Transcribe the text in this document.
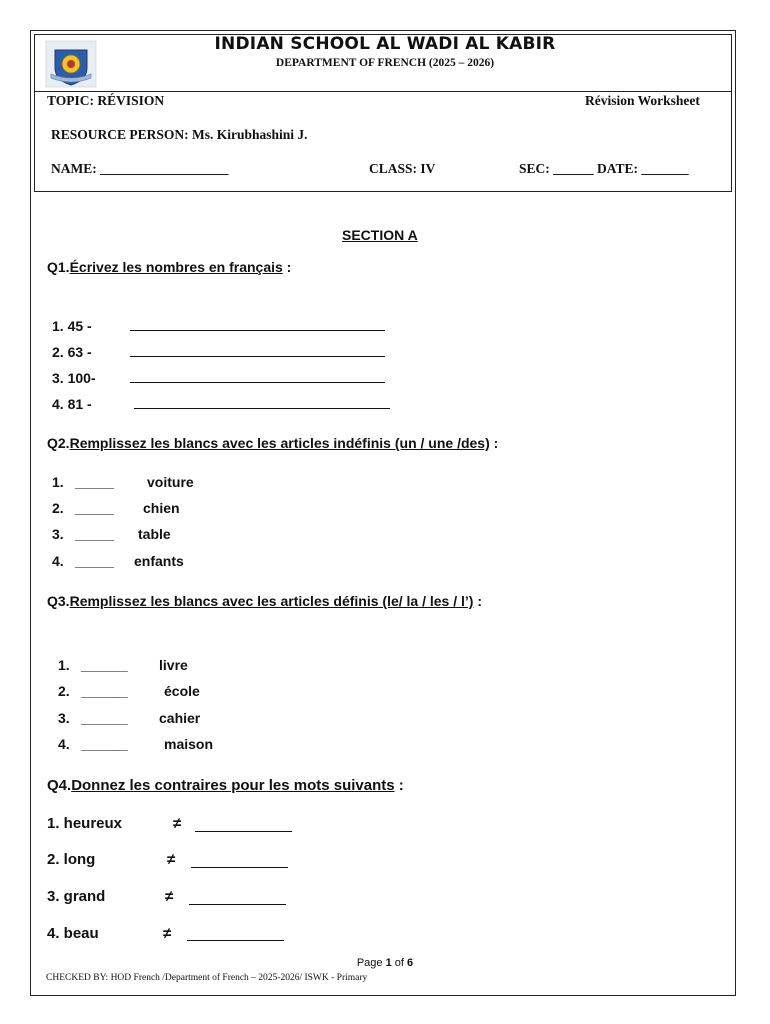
INDIAN SCHOOL AL WADI AL KABIR
DEPARTMENT OF FRENCH (2025 – 2026)
TOPIC: RÉVISION	Révision Worksheet
RESOURCE PERSON: Ms. Kirubhashini J.
NAME: ___________________	CLASS: IV	SEC: ______ DATE: _______
SECTION A
Q1.Écrivez les nombres en français :
1. 45 -
2. 63 -
3. 100-
4. 81 -
Q2.Remplissez les blancs avec les articles indéfinis (un / une /des) :
1. _____ voiture
2. _____ chien
3. _____ table
4. _____ enfants
Q3.Remplissez les blancs avec les articles définis (le/ la / les / l’) :
1. ______ livre
2. ______	école
3. ______ cahier
4. ______	maison
Q4.Donnez les contraires pour les mots suivants :
1. heureux	≠
2. long	≠
3. grand	≠
4. beau	≠
Page 1 of 6
CHECKED BY: HOD French /Department of French – 2025-2026/ ISWK - Primary
